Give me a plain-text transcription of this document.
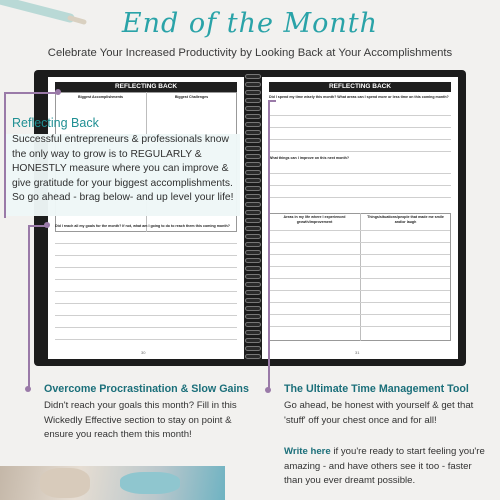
End of the Month
Celebrate Your Increased Productivity by Looking Back at Your Accomplishments
REFLECTING BACK
Biggest Accomplishments	Biggest Challenges
Did I reach all my goals for the month? If not, what am I going to do to reach them this coming month?
30
REFLECTING BACK
Did I spend my time wisely this month? What areas can I spend more or less time on this coming month?
What things can I improve on this next month?
Areas in my life where I experienced growth/improvement
Things/situations/people that made me smile and/or laugh
31
Reflecting Back
Successful entrepreneurs & professionals know the only way to grow is to REGULARLY & HONESTLY measure where you can improve & give gratitude for your biggest accomplishments. So go ahead - brag below- and up level your life!
Overcome Procrastination & Slow Gains
Didn't reach your goals this month? Fill in this Wickedly Effective section to stay on point & ensure you reach them this month!
The Ultimate Time Management Tool
Go ahead, be honest with yourself & get that 'stuff' off your chest once and for all!
Write here if you're ready to start feeling you're amazing - and have others see it too - faster than you ever dreamt possible.
